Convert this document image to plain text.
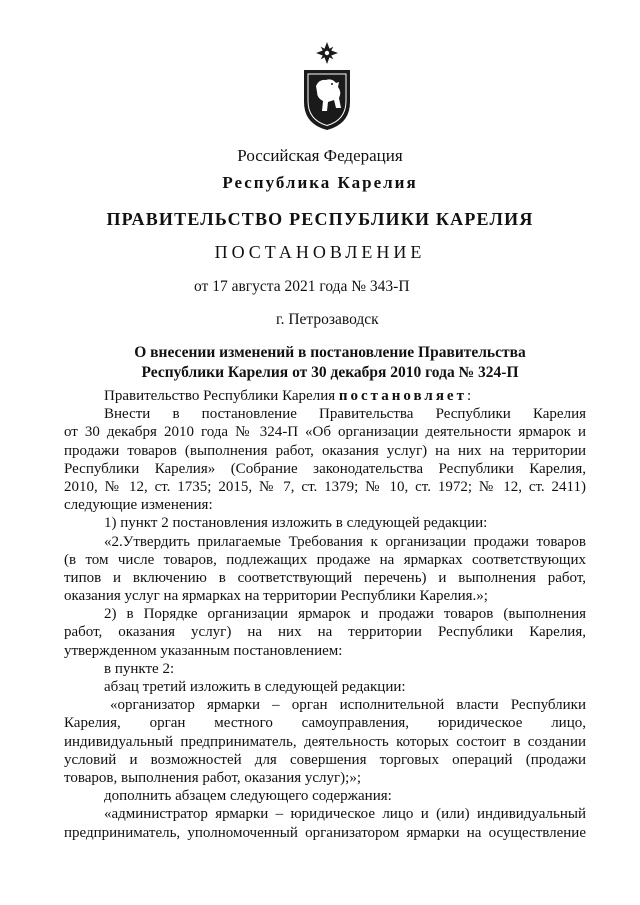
Российская Федерация
Республика Карелия
ПРАВИТЕЛЬСТВО РЕСПУБЛИКИ КАРЕЛИЯ
ПОСТАНОВЛЕНИЕ
от 17 августа 2021 года № 343-П
г. Петрозаводск
О внесении изменений в постановление Правительства
Республики Карелия от 30 декабря 2010 года № 324-П
Правительство Республики Карелия постановляет:
Внести в постановление Правительства Республики Карелия
от 30 декабря 2010 года № 324-П «Об организации деятельности ярмарок и
продажи товаров (выполнения работ, оказания услуг) на них на территории
Республики Карелия» (Собрание законодательства Республики Карелия,
2010, № 12, ст. 1735; 2015, № 7, ст. 1379; № 10, ст. 1972; № 12, ст. 2411)
следующие изменения:
1) пункт 2 постановления изложить в следующей редакции:
«2.Утвердить прилагаемые Требования к организации продажи товаров
(в том числе товаров, подлежащих продаже на ярмарках соответствующих
типов и включению в соответствующий перечень) и выполнения работ,
оказания услуг на ярмарках на территории Республики Карелия.»;
2) в Порядке организации ярмарок и продажи товаров (выполнения
работ, оказания услуг) на них на территории Республики Карелия,
утвержденном указанным постановлением:
в пункте 2:
абзац третий изложить в следующей редакции:
«организатор ярмарки – орган исполнительной власти Республики
Карелия, орган местного самоуправления, юридическое лицо,
индивидуальный предприниматель, деятельность которых состоит в создании
условий и возможностей для совершения торговых операций (продажи
товаров, выполнения работ, оказания услуг);»;
дополнить абзацем следующего содержания:
«администратор ярмарки – юридическое лицо и (или) индивидуальный
предприниматель, уполномоченный организатором ярмарки на осуществление
